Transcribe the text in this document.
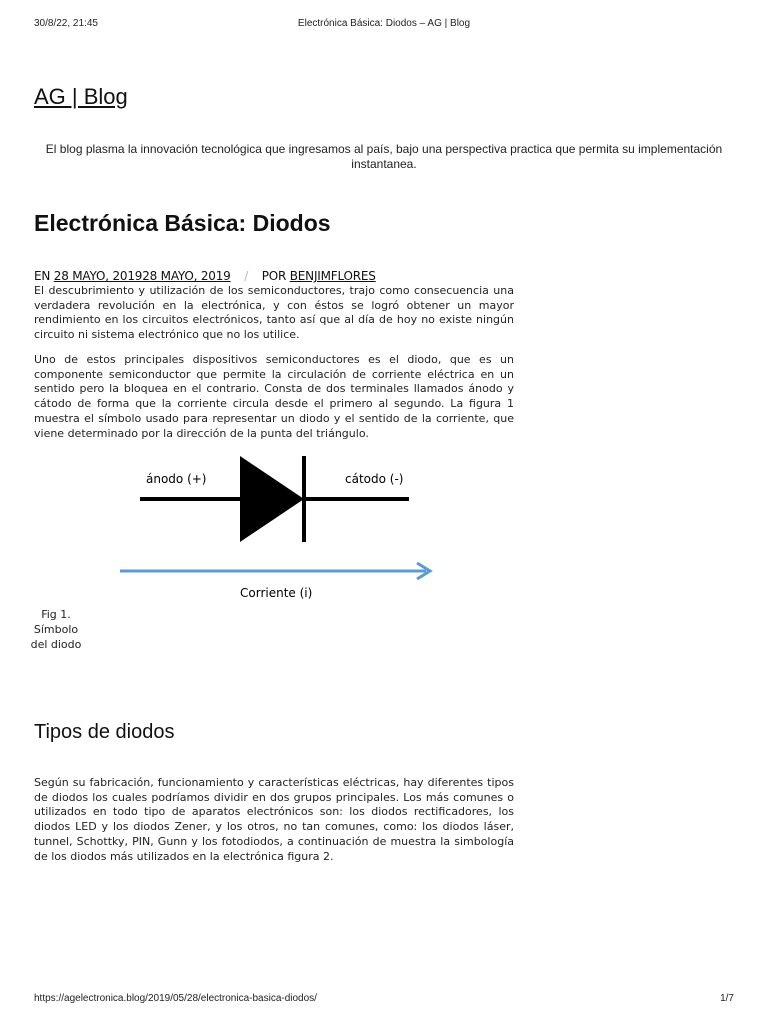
30/8/22, 21:45	Electrónica Básica: Diodos – AG | Blog
AG | Blog
El blog plasma la innovación tecnológica que ingresamos al país, bajo una perspectiva practica que permita su implementación instantanea.
Electrónica Básica: Diodos
EN 28 MAYO, 201928 MAYO, 2019 / POR BENJIMFLORES

El descubrimiento y utilización de los semiconductores, trajo como consecuencia una verdadera revolución en la electrónica, y con éstos se logró obtener un mayor rendimiento en los circuitos electrónicos, tanto así que al día de hoy no existe ningún circuito ni sistema electrónico que no los utilice.

Uno de estos principales dispositivos semiconductores es el diodo, que es un componente semiconductor que permite la circulación de corriente eléctrica en un sentido pero la bloquea en el contrario. Consta de dos terminales llamados ánodo y cátodo de forma que la corriente circula desde el primero al segundo. La figura 1 muestra el símbolo usado para representar un diodo y el sentido de la corriente, que viene determinado por la dirección de la punta del triángulo.

ánodo (+)	cátodo (-)
Corriente (i)
Fig 1. Símbolo del diodo
Tipos de diodos

Según su fabricación, funcionamiento y características eléctricas, hay diferentes tipos de diodos los cuales podríamos dividir en dos grupos principales. Los más comunes o utilizados en todo tipo de aparatos electrónicos son: los diodos rectificadores, los diodos LED y los diodos Zener, y los otros, no tan comunes, como: los diodos láser, tunnel, Schottky, PIN, Gunn y los fotodiodos, a continuación de muestra la simbología de los diodos más utilizados en la electrónica figura 2.

https://agelectronica.blog/2019/05/28/electronica-basica-diodos/	1/7
